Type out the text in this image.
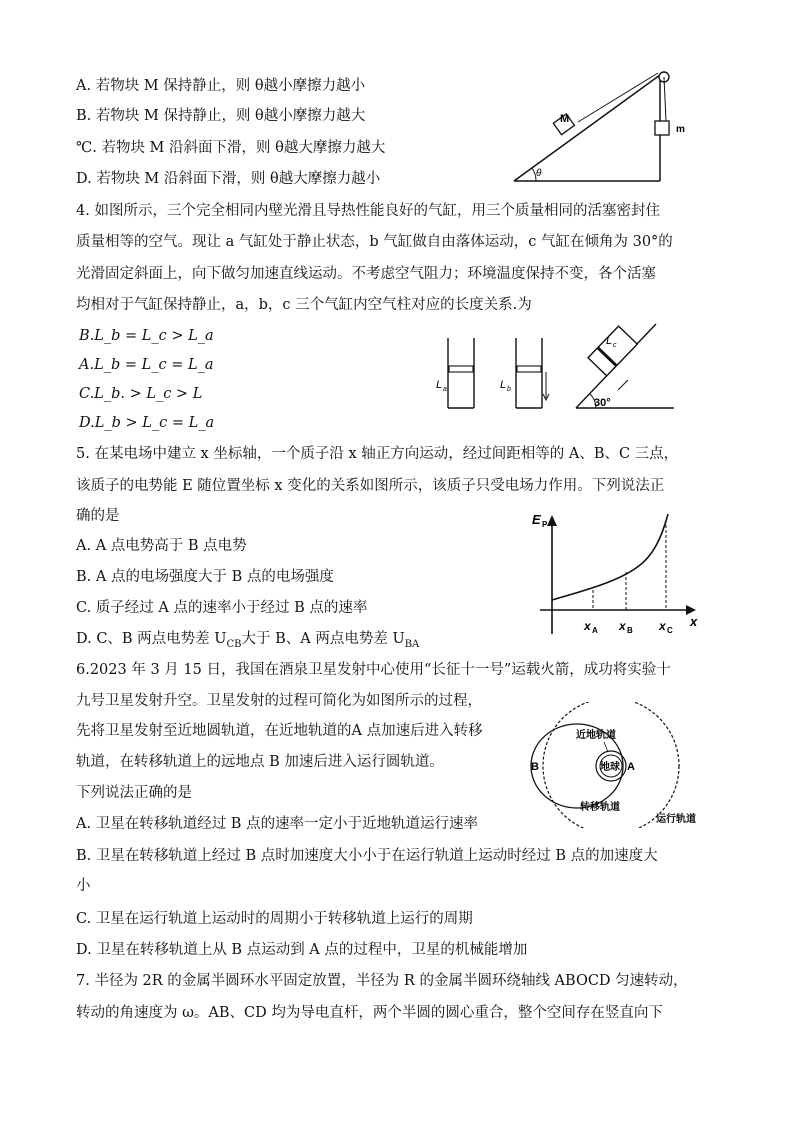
A. 若物块 M 保持静止，则 θ越小摩擦力越小
B. 若物块 M 保持静止，则 θ越小摩擦力越大
℃. 若物块 M 沿斜面下滑，则 θ越大摩擦力越大
D. 若物块 M 沿斜面下滑，则 θ越大摩擦力越小
M
m
θ
4. 如图所示，三个完全相同内壁光滑且导热性能良好的气缸，用三个质量相同的活塞密封住
质量相等的空气。现让 a 气缸处于静止状态，b 气缸做自由落体运动，c 气缸在倾角为 30°的
光滑固定斜面上，向下做匀加速直线运动。不考虑空气阻力；环境温度保持不变，各个活塞
均相对于气缸保持静止，a，b，c 三个气缸内空气柱对应的长度关系.为
B.L_b = L_c > L_a
A.L_b = L_c = L_a
C.L_b. > L_c > L
D.L_b > L_c = L_a
L a	L b
30°
L c
5. 在某电场中建立 x 坐标轴，一个质子沿 x 轴正方向运动，经过间距相等的 A、B、C 三点，
该质子的电势能 E 随位置坐标 x 变化的关系如图所示，该质子只受电场力作用。下列说法正
确的是
A. A 点电势高于 B 点电势
B. A 点的电场强度大于 B 点的电场强度
C. 质子经过 A 点的速率小于经过 B 点的速率
D. C、B 两点电势差 $U_{CB}$大于 B、A 两点电势差 $U_{BA}$
E P
x
x A x B x C
6.2023 年 3 月 15 日，我国在酒泉卫星发射中心使用“长征十一号”运载火箭，成功将实验十
九号卫星发射升空。卫星发射的过程可简化为如图所示的过程，
先将卫星发射至近地圆轨道，在近地轨道的A 点加速后进入转移
轨道，在转移轨道上的远地点 B 加速后进入运行圆轨道。
下列说法正确的是
A. 卫星在转移轨道经过 B 点的速率一定小于近地轨道运行速率
B. 卫星在转移轨道上经过 B 点时加速度大小小于在运行轨道上运动时经过 B 点的加速度大
小
C. 卫星在运行轨道上运动时的周期小于转移轨道上运行的周期
D. 卫星在转移轨道上从 B 点运动到 A 点的过程中，卫星的机械能增加
地球 A
B
近地轨道
转移轨道
运行轨道
7. 半径为 2R 的金属半圆环水平固定放置，半径为 R 的金属半圆环绕轴线 ABOCD 匀速转动，
转动的角速度为 ω。AB、CD 均为导电直杆，两个半圆的圆心重合，整个空间存在竖直向下
